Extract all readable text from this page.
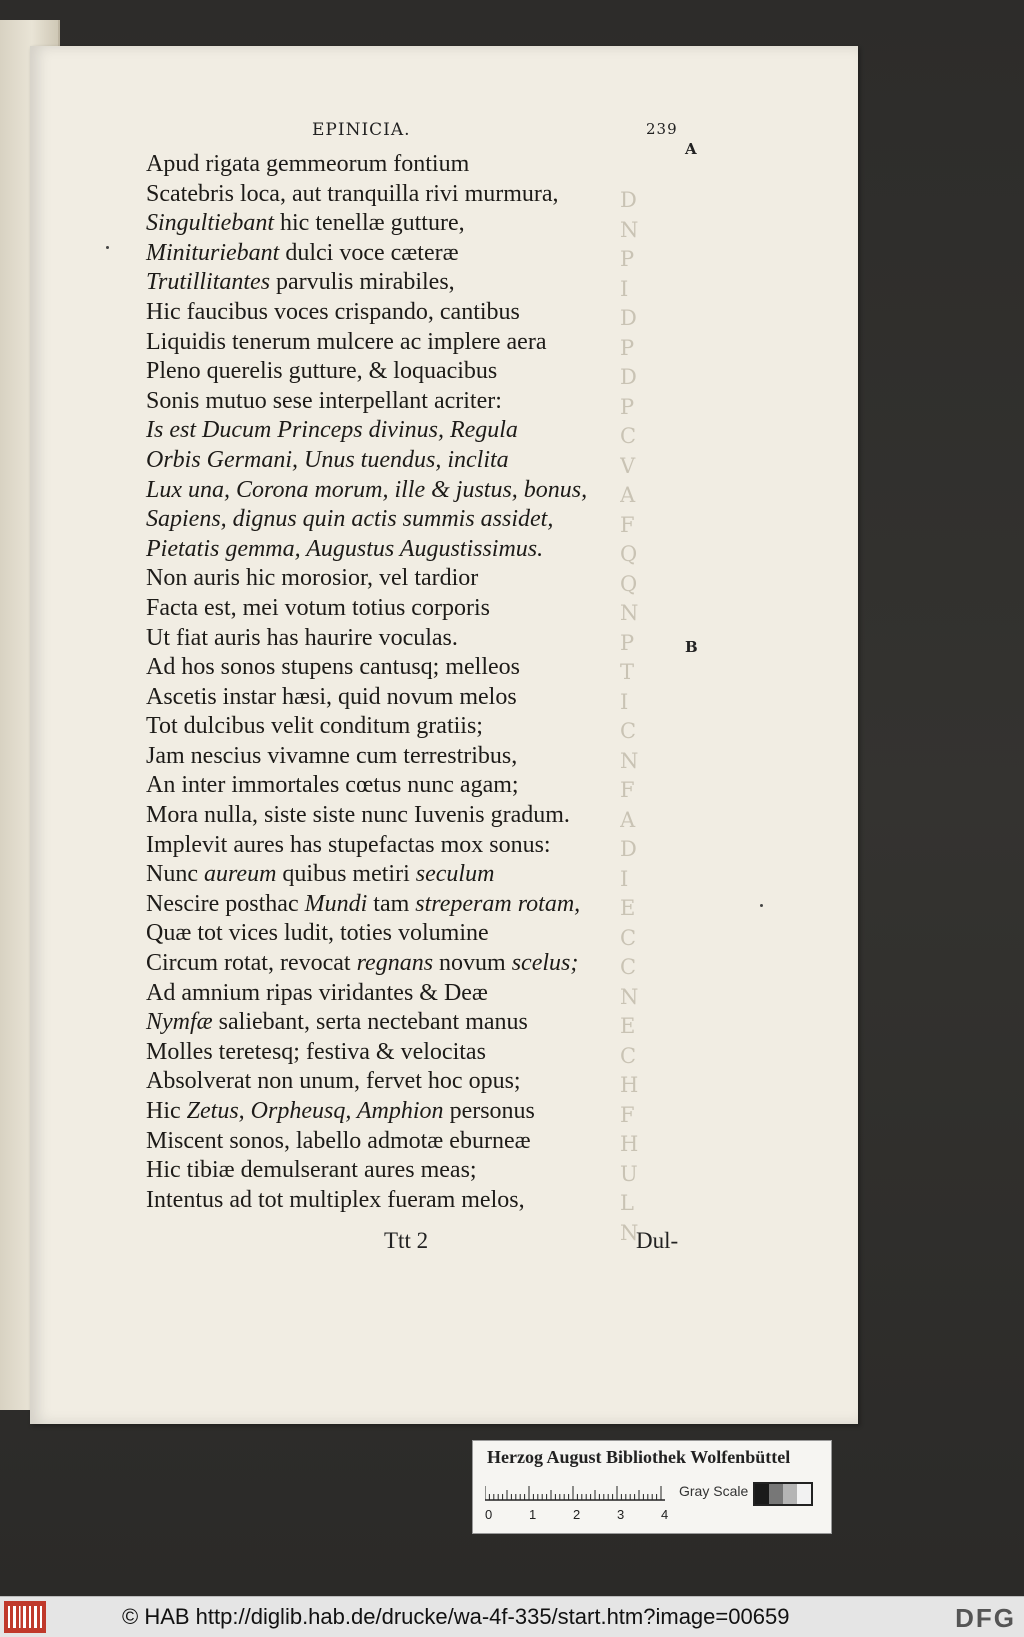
D
N
P
I
D
P
D
P
C
V
A
F
Q
Q
N
P
T
I
C
N
F
A
D
I
E
C
C
N
E
C
H
F
H
U
L
N
EPINICIA.	239
A
B
Apud rigata gemmeorum fontium
Scatebris loca, aut tranquilla rivi murmura,
Singultiebant hic tenellæ gutture,
Minituriebant dulci voce cæteræ
Trutillitantes parvulis mirabiles,
Hic faucibus voces crispando, cantibus
Liquidis tenerum mulcere ac implere aera
Pleno querelis gutture, & loquacibus
Sonis mutuo sese interpellant acriter:
Is est Ducum Princeps divinus, Regula
Orbis Germani, Unus tuendus, inclita
Lux una, Corona morum, ille & justus, bonus,
Sapiens, dignus quin actis summis assidet,
Pietatis gemma, Augustus Augustissimus.
Non auris hic morosior, vel tardior
Facta est, mei votum totius corporis
Ut fiat auris has haurire voculas.
Ad hos sonos stupens cantusq; melleos
Ascetis instar hæsi, quid novum melos
Tot dulcibus velit conditum gratiis;
Jam nescius vivamne cum terrestribus,
An inter immortales cœtus nunc agam;
Mora nulla, siste siste nunc Iuvenis gradum.
Implevit aures has stupefactas mox sonus:
Nunc aureum quibus metiri seculum
Nescire posthac Mundi tam streperam rotam,
Quæ tot vices ludit, toties volumine
Circum rotat, revocat regnans novum scelus;
Ad amnium ripas viridantes & Deæ
Nymfæ saliebant, serta nectebant manus
Molles teretesq; festiva & velocitas
Absolverat non unum, fervet hoc opus;
Hic Zetus, Orpheusq, Amphion personus
Miscent sonos, labello admotæ eburneæ
Hic tibiæ demulserant aures meas;
Intentus ad tot multiplex fueram melos,
Ttt 2	Dul-
Herzog August Bibliothek Wolfenbüttel
0	1	2	3	4
Gray Scale
© HAB http://diglib.hab.de/drucke/wa-4f-335/start.htm?image=00659	DFG
